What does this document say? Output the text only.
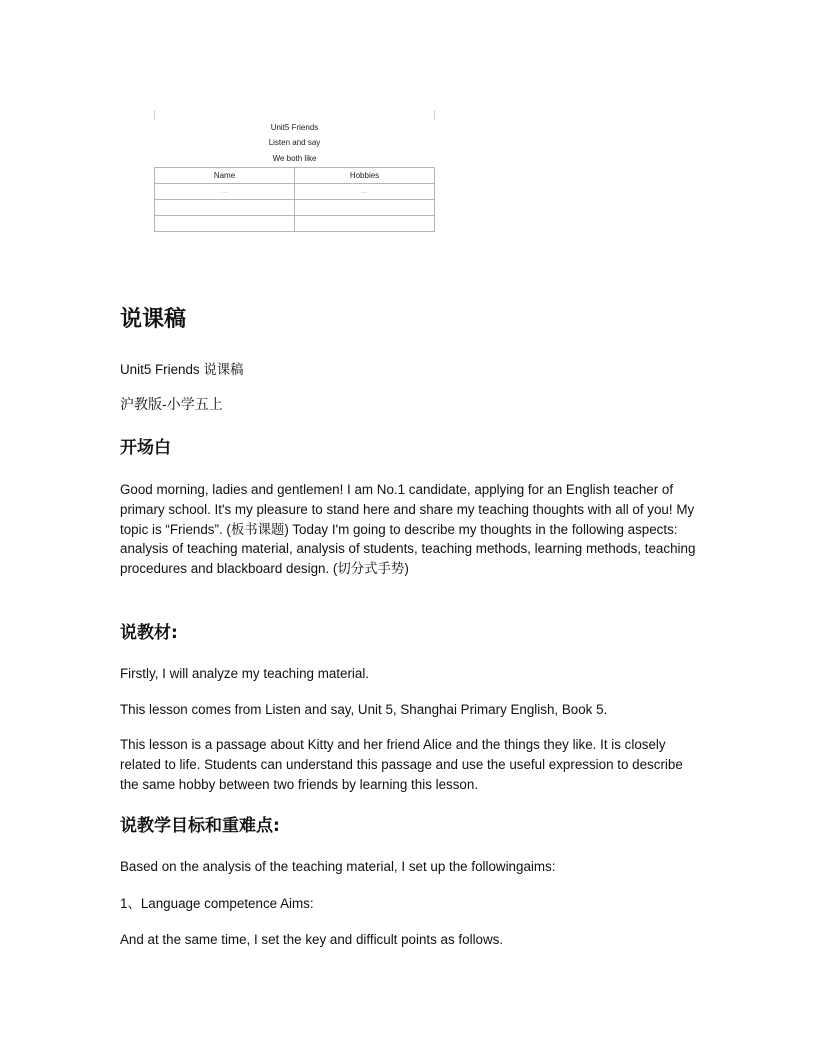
Unit5 Friends
Listen and say
We both like
Name	Hobbies
…	…

说课稿
Unit5 Friends 说课稿
沪教版-小学五上
开场白
Good morning, ladies and gentlemen! I am No.1 candidate, applying for an English teacher of primary school. It's my pleasure to stand here and share my teaching thoughts with all of you! My topic is “Friends”. (板书课题) Today I'm going to describe my thoughts in the following aspects: analysis of teaching material, analysis of students, teaching methods, learning methods, teaching procedures and blackboard design. (切分式手势)
说教材:
Firstly, I will analyze my teaching material.
This lesson comes from Listen and say, Unit 5, Shanghai Primary English, Book 5.
This lesson is a passage about Kitty and her friend Alice and the things they like. It is closely related to life. Students can understand this passage and use the useful expression to describe the same hobby between two friends by learning this lesson.
说教学目标和重难点:
Based on the analysis of the teaching material, I set up the followingaims:
1、Language competence Aims:
And at the same time, I set the key and difficult points as follows.
